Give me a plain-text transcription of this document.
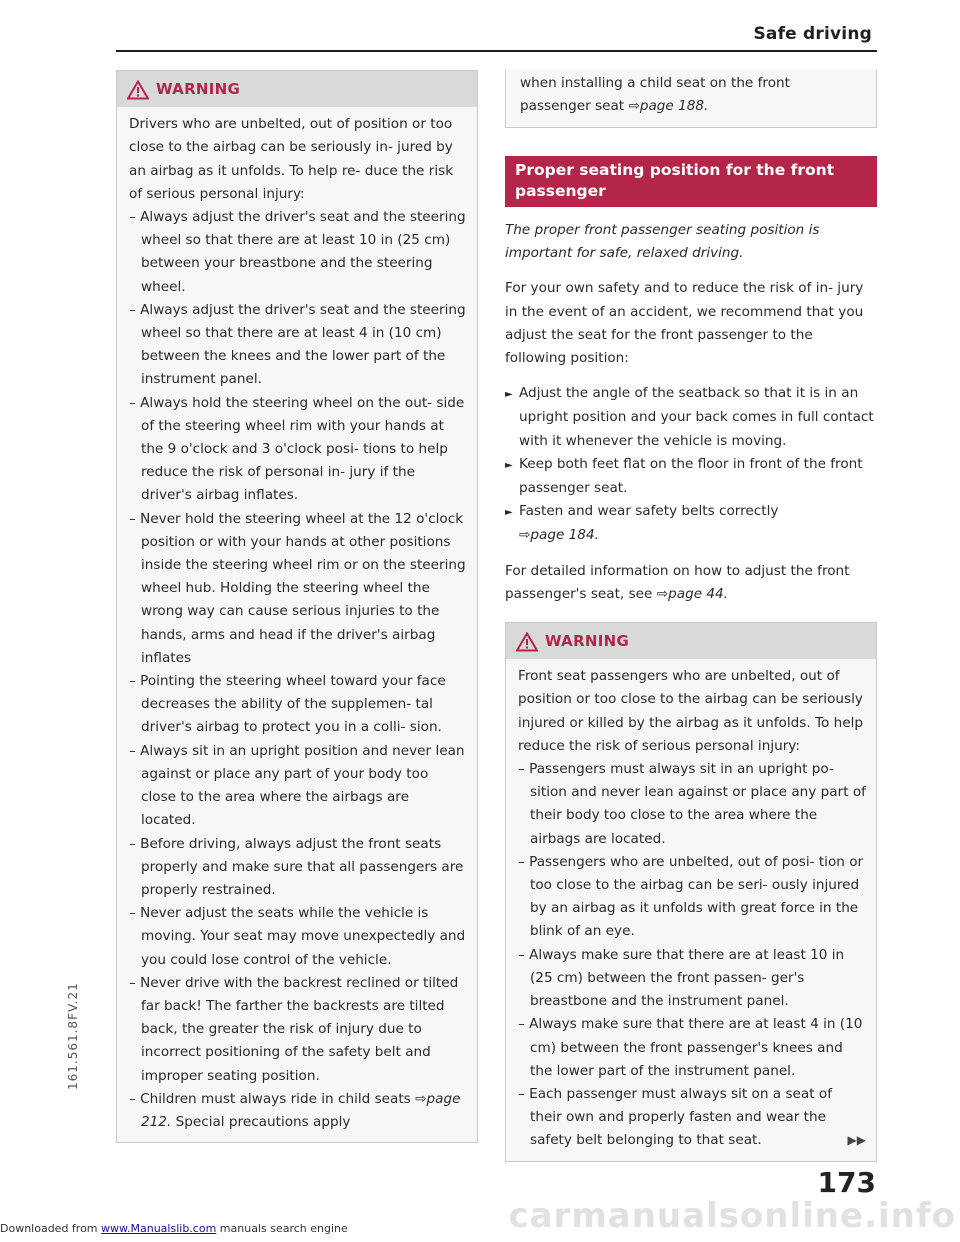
Safe driving
161.561.8FV.21
WARNING

Drivers who are unbelted, out of position or too close to the airbag can be seriously in- jured by an airbag as it unfolds. To help re- duce the risk of serious personal injury:

– Always adjust the driver's seat and the steering wheel so that there are at least 10 in (25 cm) between your breastbone and the steering wheel.

– Always adjust the driver's seat and the steering wheel so that there are at least 4 in (10 cm) between the knees and the lower part of the instrument panel.

– Always hold the steering wheel on the out- side of the steering wheel rim with your hands at the 9 o'clock and 3 o'clock posi- tions to help reduce the risk of personal in- jury if the driver's airbag inflates.

– Never hold the steering wheel at the 12 o'clock position or with your hands at other positions inside the steering wheel rim or on the steering wheel hub. Holding the steering wheel the wrong way can cause serious injuries to the hands, arms and head if the driver's airbag inflates

– Pointing the steering wheel toward your face decreases the ability of the supplemen- tal driver's airbag to protect you in a colli- sion.

– Always sit in an upright position and never lean against or place any part of your body too close to the area where the airbags are located.

– Before driving, always adjust the front seats properly and make sure that all passengers are properly restrained.

– Never adjust the seats while the vehicle is moving. Your seat may move unexpectedly and you could lose control of the vehicle.

– Never drive with the backrest reclined or tilted far back! The farther the backrests are tilted back, the greater the risk of injury due to incorrect positioning of the safety belt and improper seating position.

– Children must always ride in child seats ⇨page 212. Special precautions apply

when installing a child seat on the front passenger seat ⇨page 188.
Proper seating position for the front passenger

The proper front passenger seating position is important for safe, relaxed driving.

For your own safety and to reduce the risk of in- jury in the event of an accident, we recommend that you adjust the seat for the front passenger to the following position:

► Adjust the angle of the seatback so that it is in an upright position and your back comes in full contact with it whenever the vehicle is moving.

► Keep both feet flat on the floor in front of the front passenger seat.

► Fasten and wear safety belts correctly
⇨page 184.

For detailed information on how to adjust the front passenger's seat, see ⇨page 44.

WARNING

Front seat passengers who are unbelted, out of position or too close to the airbag can be seriously injured or killed by the airbag as it unfolds. To help reduce the risk of serious personal injury:

– Passengers must always sit in an upright po- sition and never lean against or place any part of their body too close to the area where the airbags are located.

– Passengers who are unbelted, out of posi- tion or too close to the airbag can be seri- ously injured by an airbag as it unfolds with great force in the blink of an eye.

– Always make sure that there are at least 10 in (25 cm) between the front passen- ger's breastbone and the instrument panel.

– Always make sure that there are at least 4 in (10 cm) between the front passenger's knees and the lower part of the instrument panel.

– Each passenger must always sit on a seat of their own and properly fasten and wear the safety belt belonging to that seat.	▶▶

carmanualsonline.info
173
Downloaded from www.Manualslib.com manuals search engine
